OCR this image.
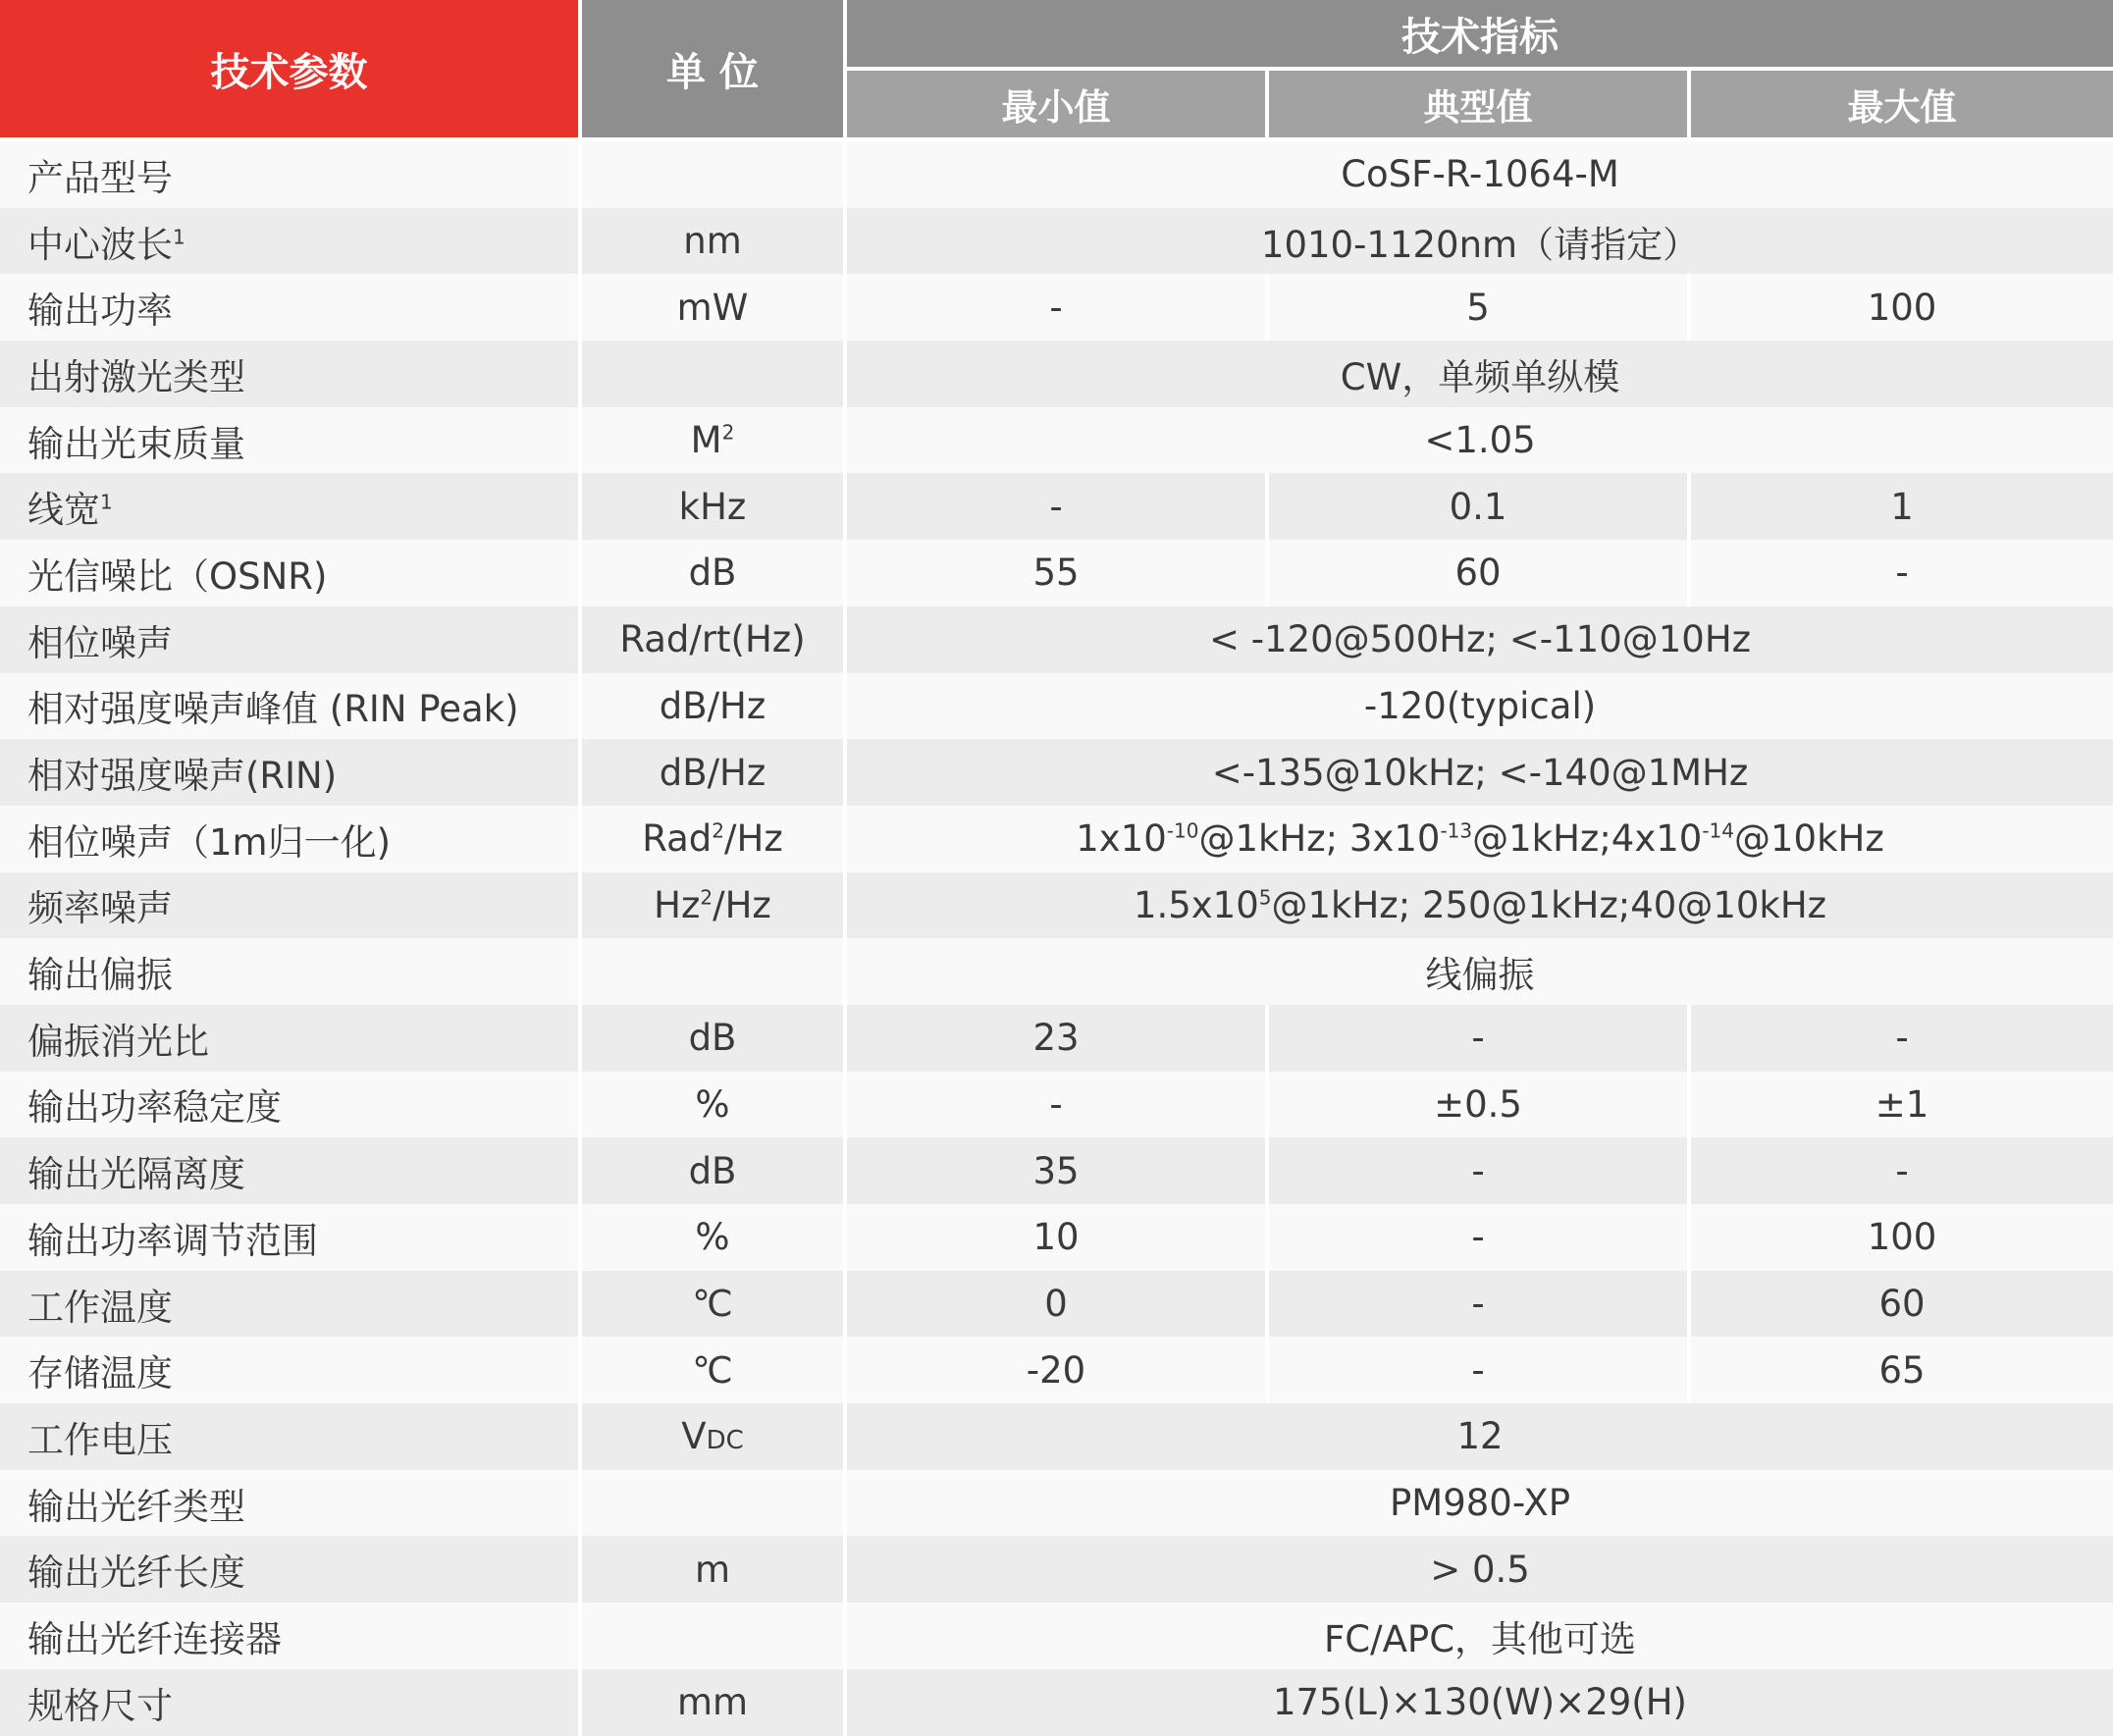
技术参数	单 位	技术指标		
		最小值	典型值	最大值
产品型号		CoSF-R-1064-M		
中心波长$^1$	nm	1010-1120nm（请指定）		
输出功率	mW	-	5	100
出射激光类型		CW，单频单纵模		
输出光束质量	$M^2$	<1.05		
线宽$^1$	kHz	-	0.1	1
光信噪比（OSNR)	dB	55	60	-
相位噪声	Rad/rt(Hz)	< -120@500Hz; <-110@10Hz		
相对强度噪声峰值 (RIN Peak)	dB/Hz	-120(typical)		
相对强度噪声(RIN)	dB/Hz	<-135@10kHz; <-140@1MHz		
相位噪声（1m归一化)	Rad$^2$/Hz	$1x10^{-10}@1kHz$; $3x10^{-13}@1kHz;4x10^{-14}@10kHz$		
频率噪声	Hz$^2$/Hz	$1.5x10^5@1kHz$; 250@1kHz;40@10kHz		
输出偏振		线偏振		
偏振消光比	dB	23	-	-
输出功率稳定度	%	-	±0.5	±1
输出光隔离度	dB	35	-	-
输出功率调节范围	%	10	-	100
工作温度	℃	0	-	60
存储温度	℃	-20	-	65
工作电压	VDC	12		
输出光纤类型		PM980-XP		
输出光纤长度	m	> 0.5		
输出光纤连接器		FC/APC，其他可选		
规格尺寸	mm	175(L)×130(W)×29(H)		
